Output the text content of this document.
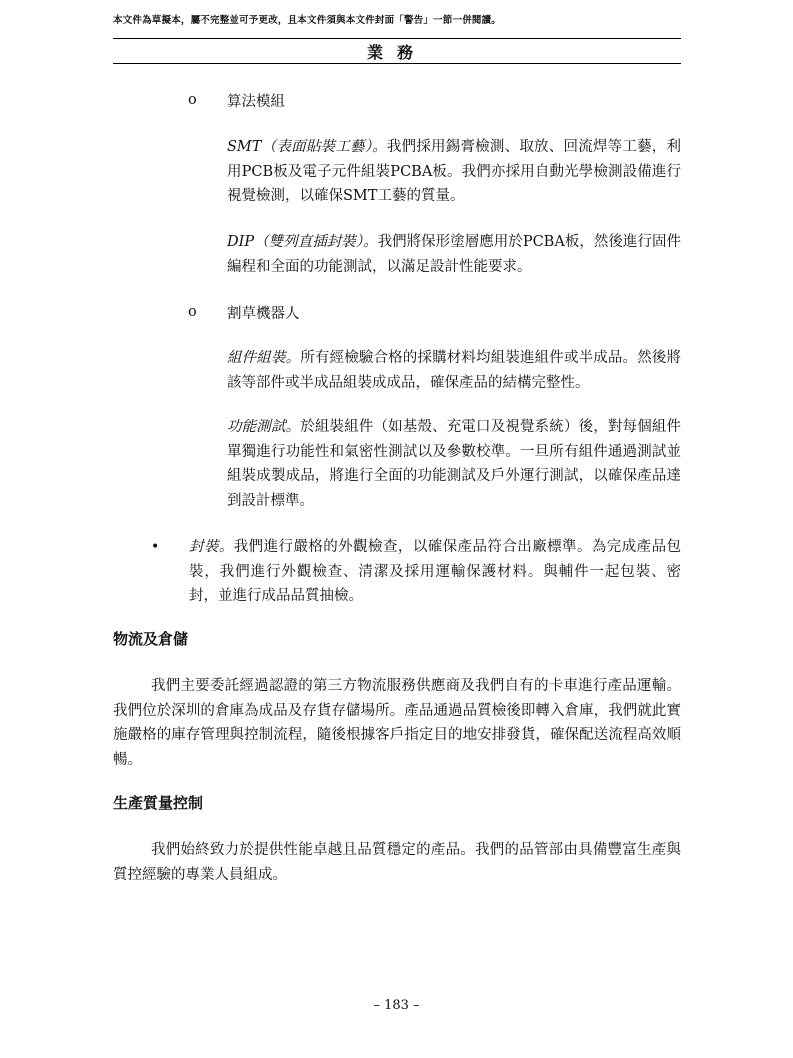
本文件為草擬本，屬不完整並可予更改，且本文件須與本文件封面「警告」一節一併閱讀。
業務
o 算法模組
SMT（表面貼裝工藝）。我們採用錫膏檢測、取放、回流焊等工藝，利用PCB板及電子元件組裝PCBA板。我們亦採用自動光學檢測設備進行視覺檢測，以確保SMT工藝的質量。
DIP（雙列直插封裝）。我們將保形塗層應用於PCBA板，然後進行固件編程和全面的功能測試，以滿足設計性能要求。
o 割草機器人
組件組裝。所有經檢驗合格的採購材料均組裝進組件或半成品。然後將該等部件或半成品組裝成成品，確保產品的結構完整性。
功能測試。於組裝組件（如基殼、充電口及視覺系統）後，對每個組件單獨進行功能性和氣密性測試以及參數校準。一旦所有組件通過測試並組裝成製成品，將進行全面的功能測試及戶外運行測試，以確保產品達到設計標準。
• 封裝。我們進行嚴格的外觀檢查，以確保產品符合出廠標準。為完成產品包裝，我們進行外觀檢查、清潔及採用運輸保護材料。與輔件一起包裝、密封，並進行成品品質抽檢。
物流及倉儲
我們主要委託經過認證的第三方物流服務供應商及我們自有的卡車進行產品運輸。我們位於深圳的倉庫為成品及存貨存儲場所。產品通過品質檢後即轉入倉庫，我們就此實施嚴格的庫存管理與控制流程，隨後根據客戶指定目的地安排發貨，確保配送流程高效順暢。
生產質量控制
我們始終致力於提供性能卓越且品質穩定的產品。我們的品管部由具備豐富生產與質控經驗的專業人員組成。
– 183 –
